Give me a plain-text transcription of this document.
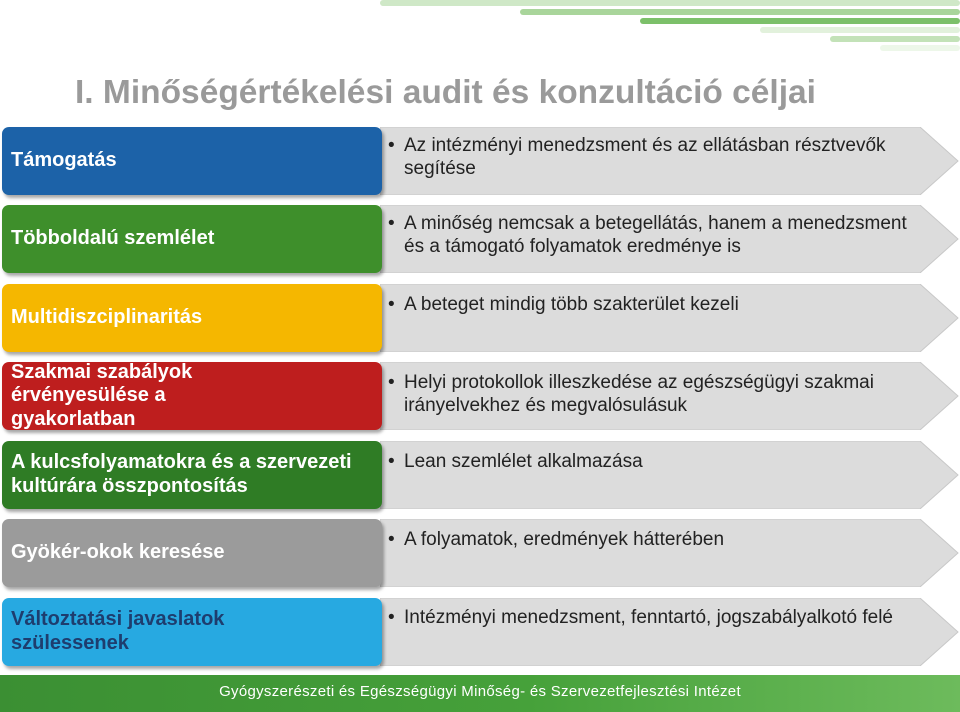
I. Minőségértékelési audit és konzultáció céljai
Támogatás
• Az intézményi menedzsment és az ellátásban résztvevők segítése
Többoldalú szemlélet
• A minőség nemcsak a betegellátás, hanem a menedzsment és a támogató folyamatok eredménye is
Multidiszciplinaritás
• A beteget mindig több szakterület kezeli
Szakmai szabályok érvényesülése a gyakorlatban
• Helyi protokollok illeszkedése az egészségügyi szakmai irányelvekhez és megvalósulásuk
A kulcsfolyamatokra és a szervezeti kultúrára összpontosítás
• Lean szemlélet alkalmazása
Gyökér-okok keresése
• A folyamatok, eredmények hátterében
Változtatási javaslatok szülessenek
• Intézményi menedzsment, fenntartó, jogszabályalkotó felé
Gyógyszerészeti és Egészségügyi Minőség- és Szervezetfejlesztési Intézet
